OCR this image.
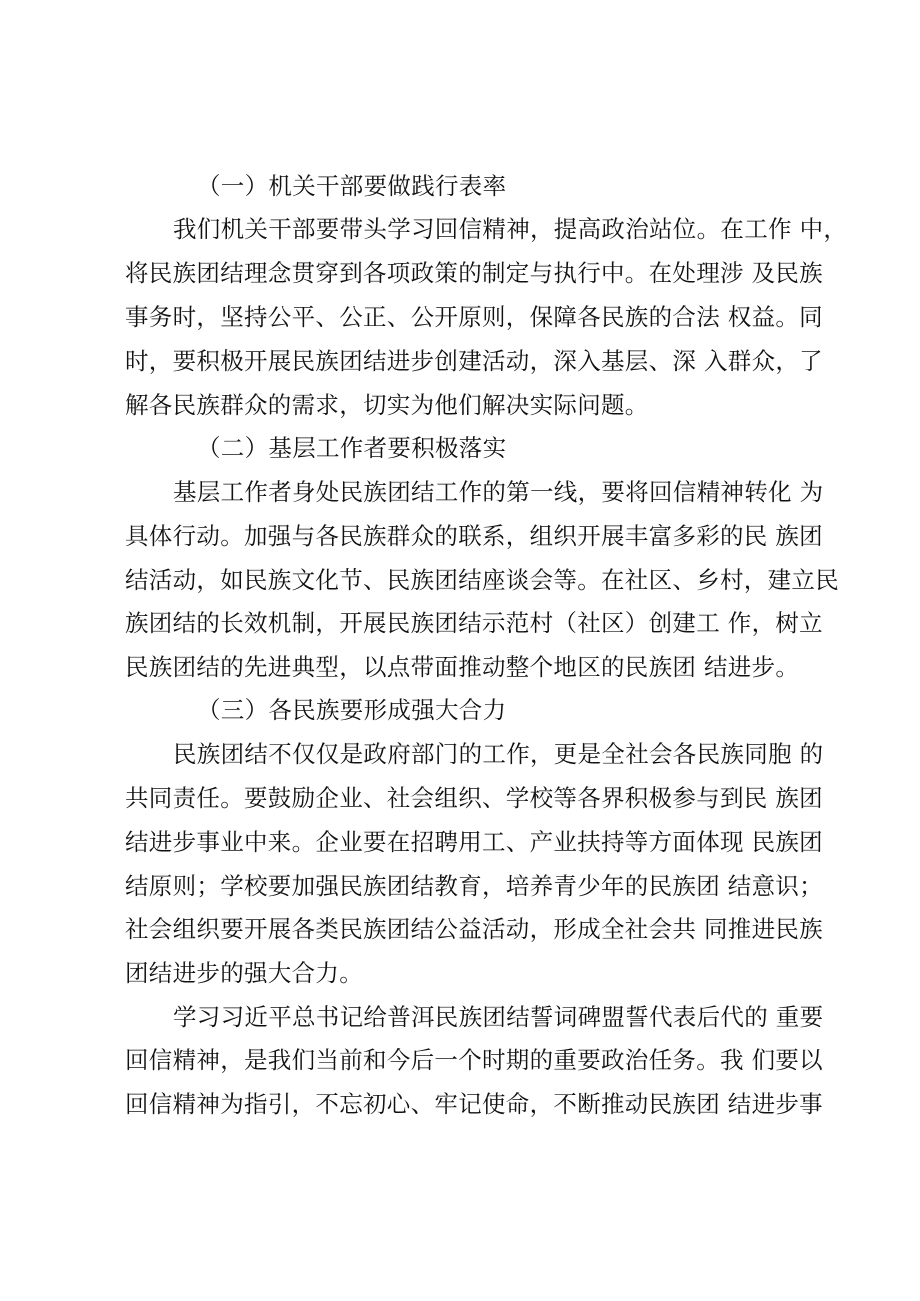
（一）机关干部要做践行表率
我们机关干部要带头学习回信精神，提高政治站位。在工作 中，
将民族团结理念贯穿到各项政策的制定与执行中。在处理涉 及民族
事务时，坚持公平、公正、公开原则，保障各民族的合法 权益。同
时，要积极开展民族团结进步创建活动，深入基层、深 入群众，了
解各民族群众的需求，切实为他们解决实际问题。
（二）基层工作者要积极落实
基层工作者身处民族团结工作的第一线，要将回信精神转化 为
具体行动。加强与各民族群众的联系，组织开展丰富多彩的民 族团
结活动，如民族文化节、民族团结座谈会等。在社区、乡村，建立民
族团结的长效机制，开展民族团结示范村（社区）创建工 作，树立
民族团结的先进典型，以点带面推动整个地区的民族团 结进步。
（三）各民族要形成强大合力
民族团结不仅仅是政府部门的工作，更是全社会各民族同胞 的
共同责任。要鼓励企业、社会组织、学校等各界积极参与到民 族团
结进步事业中来。企业要在招聘用工、产业扶持等方面体现 民族团
结原则；学校要加强民族团结教育，培养青少年的民族团 结意识；
社会组织要开展各类民族团结公益活动，形成全社会共 同推进民族
团结进步的强大合力。
学习习近平总书记给普洱民族团结誓词碑盟誓代表后代的 重要
回信精神，是我们当前和今后一个时期的重要政治任务。我 们要以
回信精神为指引，不忘初心、牢记使命，不断推动民族团 结进步事
